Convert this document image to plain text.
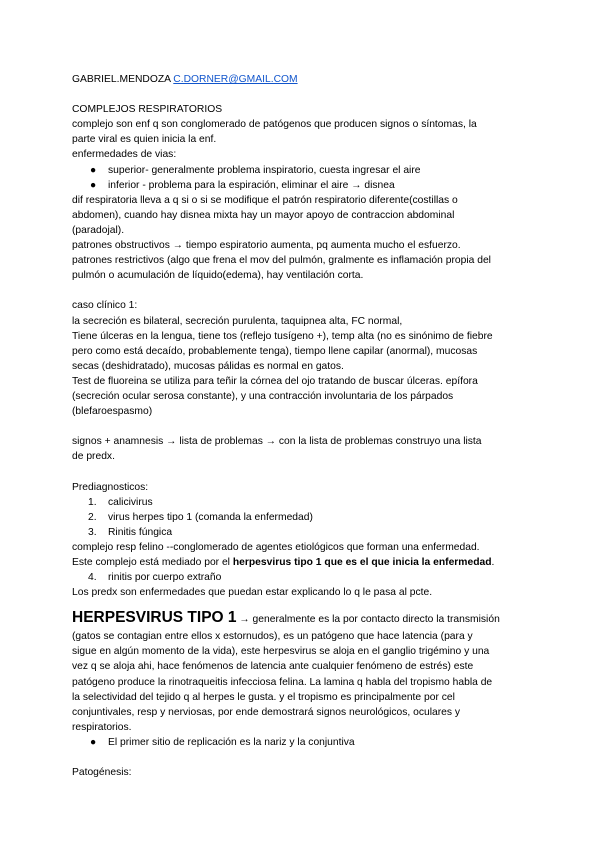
GABRIEL.MENDOZA C.DORNER@GMAIL.COM

COMPLEJOS RESPIRATORIOS

complejo son enf q son conglomerado de patógenos que producen signos o síntomas, la

parte viral es quien inicia la enf.

enfermedades de vias:

● superior- generalmente problema inspiratorio, cuesta ingresar el aire
● inferior - problema para la espiración, eliminar el aire → disnea

dif respiratoria lleva a q si o si se modifique el patrón respiratorio diferente(costillas o

abdomen), cuando hay disnea mixta hay un mayor apoyo de contraccion abdominal

(paradojal).

patrones obstructivos → tiempo espiratorio aumenta, pq aumenta mucho el esfuerzo.

patrones restrictivos (algo que frena el mov del pulmón, gralmente es inflamación propia del

pulmón o acumulación de líquido(edema), hay ventilación corta.

caso clínico 1:

la secreción es bilateral, secreción purulenta, taquipnea alta, FC normal,

Tiene úlceras en la lengua, tiene tos (reflejo tusígeno +), temp alta (no es sinónimo de fiebre

pero como está decaído, probablemente tenga), tiempo llene capilar (anormal), mucosas

secas (deshidratado), mucosas pálidas es normal en gatos.

Test de fluoreina se utiliza para teñir la córnea del ojo tratando de buscar úlceras. epífora

(secreción ocular serosa constante), y una contracción involuntaria de los párpados

(blefaroespasmo)

signos + anamnesis → lista de problemas → con la lista de problemas construyo una lista

de predx.

Prediagnosticos:

1. calicivirus
2. virus herpes tipo 1 (comanda la enfermedad)
3. Rinitis fúngica

complejo resp felino --conglomerado de agentes etiológicos que forman una enfermedad.

Este complejo está mediado por el herpesvirus tipo 1 que es el que inicia la enfermedad.

4. rinitis por cuerpo extraño

Los predx son enfermedades que puedan estar explicando lo q le pasa al pcte.

HERPESVIRUS TIPO 1 → generalmente es la por contacto directo la transmisión

(gatos se contagian entre ellos x estornudos), es un patógeno que hace latencia (para y

sigue en algún momento de la vida), este herpesvirus se aloja en el ganglio trigémino y una

vez q se aloja ahi, hace fenómenos de latencia ante cualquier fenómeno de estrés) este

patógeno produce la rinotraqueitis infecciosa felina. La lamina q habla del tropismo habla de

la selectividad del tejido q al herpes le gusta. y el tropismo es principalmente por cel

conjuntivales, resp y nerviosas, por ende demostrará signos neurológicos, oculares y

respiratorios.

● El primer sitio de replicación es la nariz y la conjuntiva

Patogénesis:
